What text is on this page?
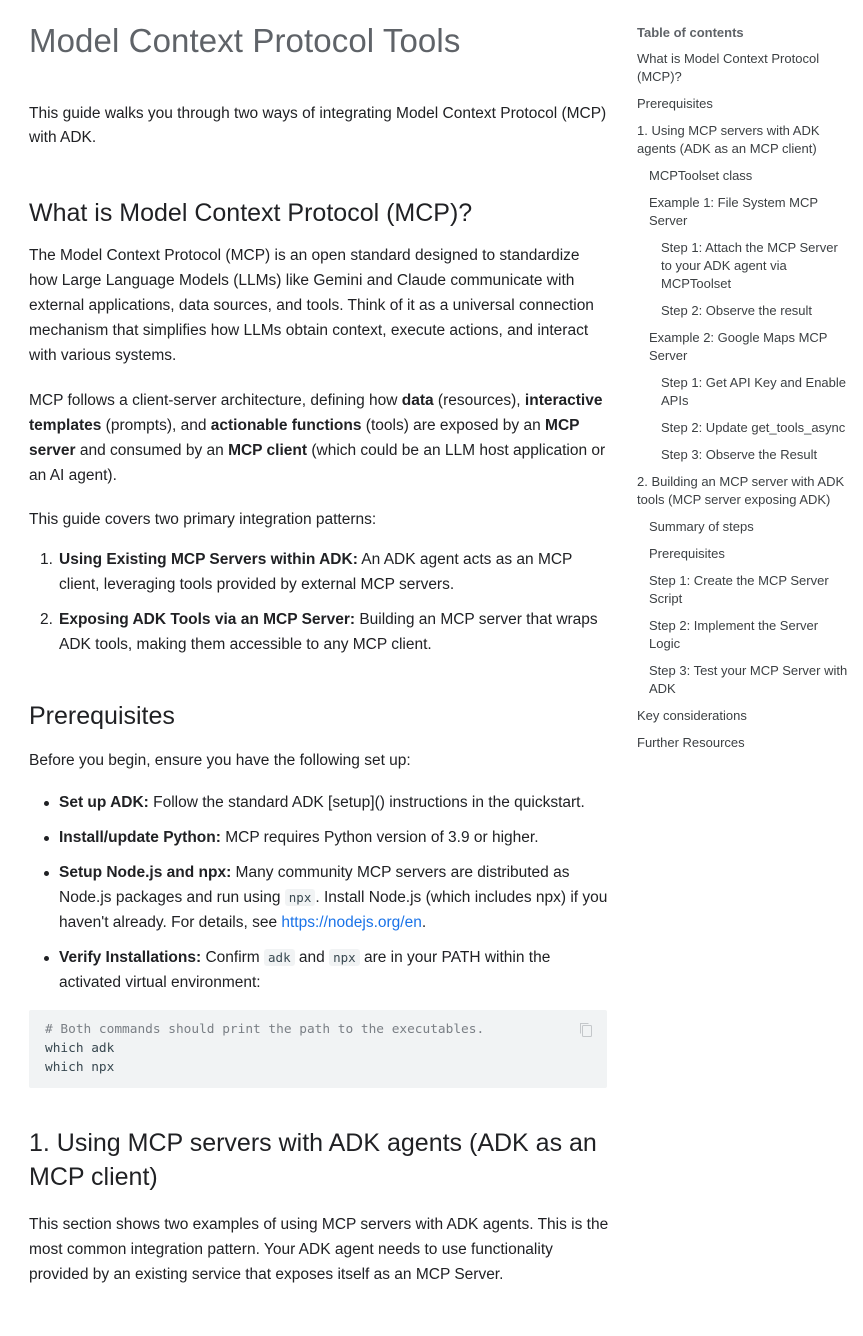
Model Context Protocol Tools

This guide walks you through two ways of integrating Model Context Protocol (MCP) with ADK.

What is Model Context Protocol (MCP)?

The Model Context Protocol (MCP) is an open standard designed to standardize how Large Language Models (LLMs) like Gemini and Claude communicate with external applications, data sources, and tools. Think of it as a universal connection mechanism that simplifies how LLMs obtain context, execute actions, and interact with various systems.

MCP follows a client-server architecture, defining how data (resources), interactive templates (prompts), and actionable functions (tools) are exposed by an MCP server and consumed by an MCP client (which could be an LLM host application or an AI agent).

This guide covers two primary integration patterns:

1. Using Existing MCP Servers within ADK: An ADK agent acts as an MCP client, leveraging tools provided by external MCP servers.
2. Exposing ADK Tools via an MCP Server: Building an MCP server that wraps ADK tools, making them accessible to any MCP client.
Prerequisites

Before you begin, ensure you have the following set up:

Set up ADK: Follow the standard ADK [setup]() instructions in the quickstart.
Install/update Python: MCP requires Python version of 3.9 or higher.
Setup Node.js and npx: Many community MCP servers are distributed as Node.js packages and run using npx . Install Node.js (which includes npx) if you haven't already. For details, see https://nodejs.org/en.
Verify Installations: Confirm adk and npx are in your PATH within the activated virtual environment:
# Both commands should print the path to the executables.
which adk
which npx
1. Using MCP servers with ADK agents (ADK as an MCP client)

This section shows two examples of using MCP servers with ADK agents. This is the most common integration pattern. Your ADK agent needs to use functionality provided by an existing service that exposes itself as an MCP Server.

Table of contents
What is Model Context Protocol (MCP)?
Prerequisites
1. Using MCP servers with ADK agents (ADK as an MCP client)
MCPToolset class
Example 1: File System MCP Server
Step 1: Attach the MCP Server to your ADK agent via MCPToolset
Step 2: Observe the result
Example 2: Google Maps MCP Server
Step 1: Get API Key and Enable APIs
Step 2: Update get_tools_async
Step 3: Observe the Result
2. Building an MCP server with ADK tools (MCP server exposing ADK)
Summary of steps
Prerequisites
Step 1: Create the MCP Server Script
Step 2: Implement the Server Logic
Step 3: Test your MCP Server with ADK
Key considerations
Further Resources
